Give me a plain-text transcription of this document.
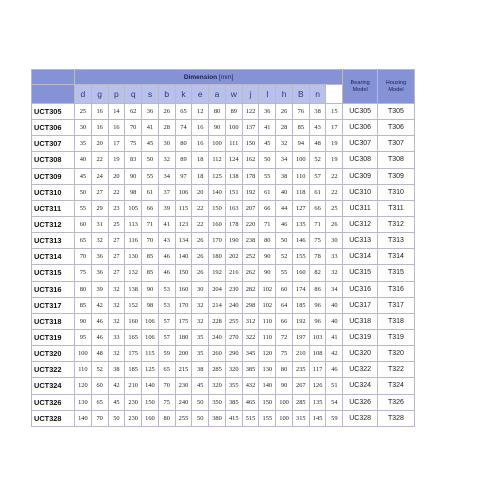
	Dimension [mm]																Bearing Model	Housing Model
	d	g	p	q	s	b	k	e	a	w	j	l	h	B	n			
UCT305	25	16	14	62	36	26	65	12	80	89	122	36	26	76	38	15	UC305	T305
UCT306	30	16	16	70	41	28	74	16	90	100	137	41	28	85	43	17	UC306	T306
UCT307	35	20	17	75	45	30	80	16	100	111	150	45	32	94	48	19	UC307	T307
UCT308	40	22	19	83	50	32	89	18	112	124	162	50	34	100	52	19	UC308	T308
UCT309	45	24	20	90	55	34	97	18	125	138	178	55	38	110	57	22	UC309	T309
UCT310	50	27	22	98	61	37	106	20	140	151	192	61	40	118	61	22	UC310	T310
UCT311	55	29	23	105	66	39	115	22	150	163	207	66	44	127	66	25	UC311	T311
UCT312	60	31	25	113	71	41	123	22	160	178	220	71	46	135	71	26	UC312	T312
UCT313	65	32	27	116	70	43	134	26	170	190	238	80	50	146	75	30	UC313	T313
UCT314	70	36	27	130	85	46	140	26	180	202	252	90	52	155	78	33	UC314	T314
UCT315	75	36	27	132	85	46	150	26	192	216	262	90	55	160	82	32	UC315	T315
UCT316	80	39	32	138	90	53	160	30	204	230	282	102	60	174	86	34	UC316	T316
UCT317	85	42	32	152	98	53	170	32	214	240	298	102	64	185	96	40	UC317	T317
UCT318	90	46	32	160	106	57	175	32	228	255	312	110	66	192	96	40	UC318	T318
UCT319	95	46	33	165	106	57	180	35	240	270	322	110	72	197	103	41	UC319	T319
UCT320	100	48	32	175	115	59	200	35	260	290	345	120	75	210	108	42	UC320	T320
UCT322	110	52	38	185	125	65	215	38	285	320	385	130	80	235	117	46	UC322	T322
UCT324	120	60	42	210	140	70	230	45	320	355	432	140	90	267	126	51	UC324	T324
UCT326	130	65	45	230	150	75	240	50	350	385	465	150	100	285	135	54	UC326	T326
UCT328	140	70	50	230	160	80	255	50	380	415	515	155	100	315	145	59	UC328	T328
